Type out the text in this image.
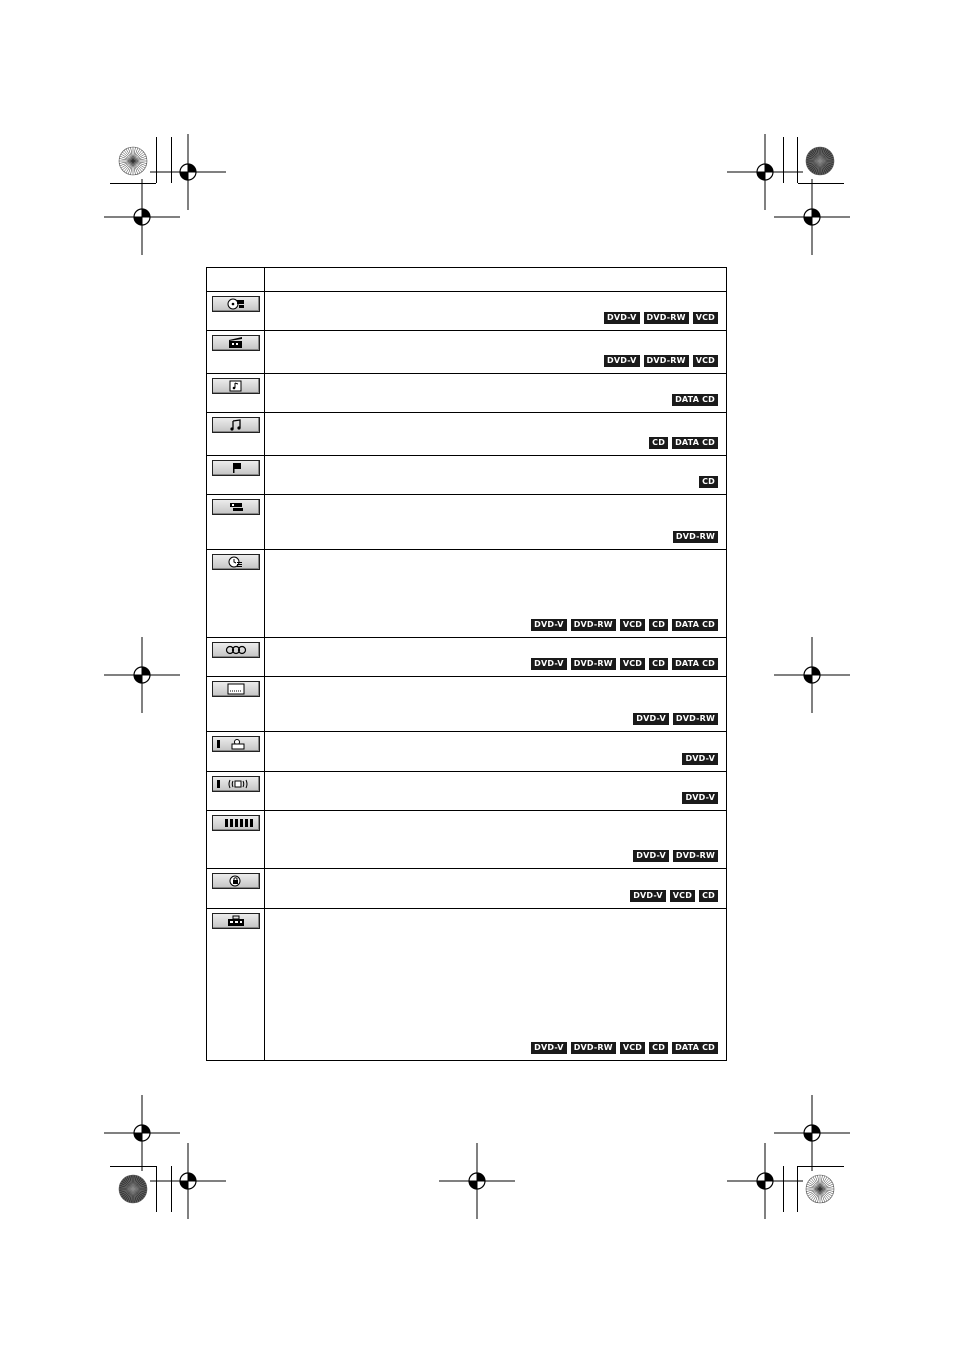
DVD-V DVD-RW VCD

DVD-V DVD-RW VCD

DATA CD

CD DATA CD

CD

DVD-RW

DVD-V DVD-RW VCD CD DATA CD

DVD-V DVD-RW VCD CD DATA CD

DVD-V DVD-RW

DVD-V

DVD-V

DVD-V DVD-RW

DVD-V VCD CD

DVD-V DVD-RW VCD CD DATA CD
